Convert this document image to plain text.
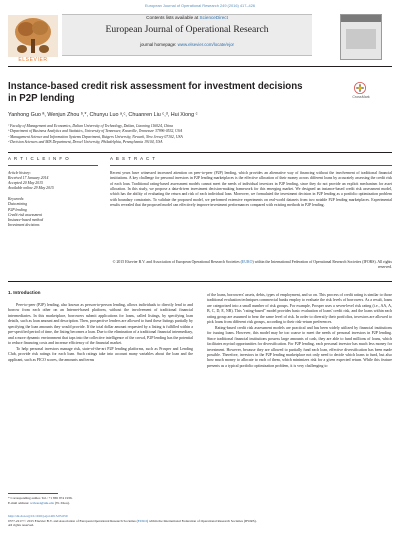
European Journal of Operational Research 249 (2016) 417–426
Contents lists available at ScienceDirect
European Journal of Operational Research
journal homepage: www.elsevier.com/locate/ejor
ELSEVIER
Instance-based credit risk assessment for investment decisions
in P2P lending	CrossMark
Yanhong Guo ª, Wenjun Zhou ᵇ,*, Chunyu Luo ᵃ,ᶜ, Chuanren Liu ᶜ,ᵈ, Hui Xiong ᶜ
ª Faculty of Management and Economics, Dalian University of Technology, Dalian, Liaoning 116024, China
ᵇ Department of Business Analytics and Statistics, University of Tennessee, Knoxville, Tennessee 37996-0532, USA
ᶜ Management Science and Information Systems Department, Rutgers University, Newark, New Jersey 07102, USA
ᵈ Decision Sciences and MIS Department, Drexel University, Philadelphia, Pennsylvania 19104, USA
A R T I C L E I N F O	A B S T R A C T
Article history:
Received 17 January 2014
Accepted 20 May 2015
Available online 29 May 2015
Keywords:
Data mining
P2P lending
Credit risk assessment
Instance-based method
Investment decisions
Recent years have witnessed increased attention on peer-to-peer (P2P) lending, which provides an alternative way of financing without the involvement of traditional financial institutions. A key challenge for personal investors in P2P lending marketplaces is the effective allocation of their money across different loans by accurately assessing the credit risk of each loan. Traditional rating-based assessment models cannot meet the needs of individual investors in P2P lending, since they do not provide an explicit mechanism for asset allocation. In this study, we propose a data-driven investment decision-making framework for this emerging market. We designed an instance-based credit risk assessment model, which has the ability of evaluating the return and risk of each individual loan. Moreover, we formulated the investment decision in P2P lending as a portfolio optimization problem with boundary constraints. To validate the proposed model, we performed extensive experiments on real-world datasets from two notable P2P lending marketplaces. Experimental results revealed that the proposed model can effectively improve investment performances compared with existing methods in P2P lending.
© 2015 Elsevier B.V. and Association of European Operational Research Societies (EURO) within the International Federation of Operational Research Societies (IFORS). All rights reserved.
1. Introduction

Peer-to-peer (P2P) lending, also known as person-to-person lending, allows individuals to directly lend to and borrow from each other on an Internet-based platform, without the involvement of traditional financial intermediaries. In this marketplace, borrowers submit applications for loans, called listings, by specifying loan details, such as loan amount and description. Then, prospective lenders are allowed to fund these listings partially by specifying the loan amounts they would provide. If the total dollar amount requested by a listing is fulfilled within a pre-specified period of time, the listing becomes a loan. Due to the elimination of a traditional financial intermediary, and a more dynamic environment that taps into the collective intelligence of the crowd, P2P lending has the potential to reduce financing costs and increase efficiency of the financial market.

To help personal investors manage risk, state-of-the-art P2P lending platforms, such as Prosper and Lending Club, provide risk ratings for each loan. Such ratings take into account many variables about the loan and the applicant, such as FICO scores, the amounts and terms

of the loans, borrowers' assets, debts, types of employment, and so on. This process of credit rating is similar to those traditional evaluation techniques commercial banks employ to evaluate the risk levels of borrowers. As a result, loans are categorized into a small number of risk groups. For example, Prosper uses a seven-level risk rating (i.e., AA, A, B, C, D, E, NR). This "rating-based" model provides basic evaluation of loans' credit risk, and the loans within each rating group are assumed to bear the same level of risk. In order to diversify their portfolios, investors are allowed to pick loans from different risk groups, according to their risk-return preferences.

Rating-based credit risk assessment models are practical and has been widely utilized by financial institutions for issuing loans. However, this model may be too coarse to meet the needs of personal investors in P2P lending. Since traditional financial institutions possess large amounts of cash, they are able to fund millions of loans, which facilitates myriad opportunities for diversification. For P2P lending, each personal investor has much less money for investment. However, because they are allowed to partially fund each loan, effective diversification has been made possible. Therefore, investors in the P2P lending marketplace not only need to decide which loans to fund, but also how much money to allocate to each of them, which minimizes risk for a given expected return. While this feature presents as a typical portfolio optimization problem, it is very challenging to

* Corresponding author. Tel.: +1 865 974 1936.
E-mail address: wzhou4@utk.edu (W. Zhou).
http://dx.doi.org/10.1016/j.ejor.2015.05.050
0377-2217/© 2015 Elsevier B.V. and Association of European Operational Research Societies (EURO) within the International Federation of Operational Research Societies (IFORS).
All rights reserved.
